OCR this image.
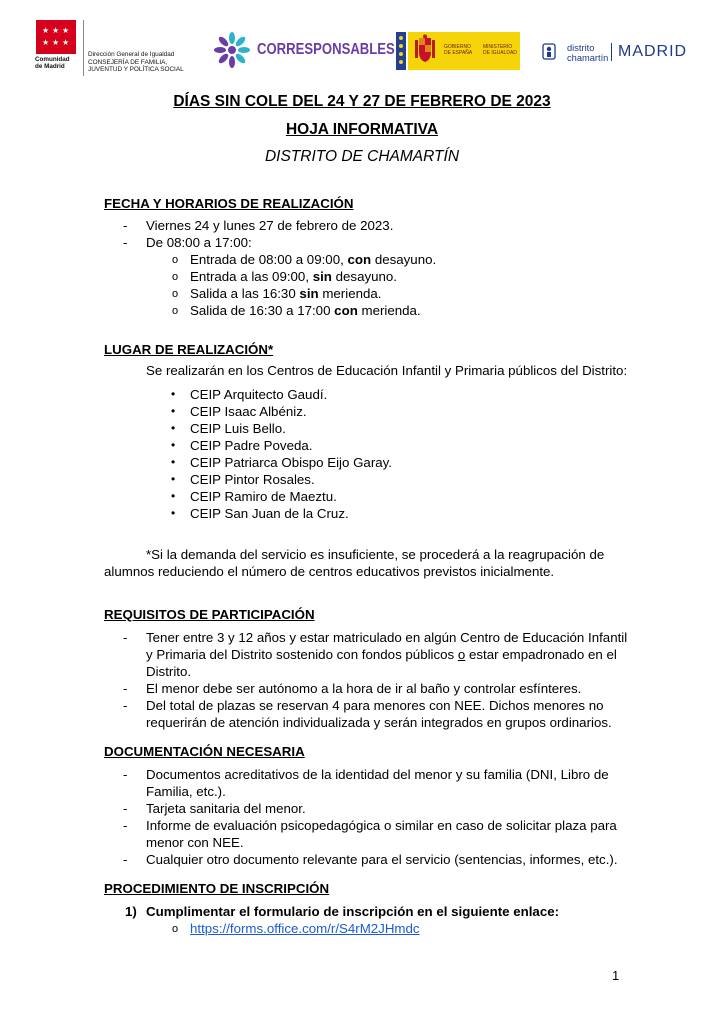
★ ★ ★
★ ★ ★
Comunidad
de Madrid
Dirección General de Igualdad
CONSEJERÍA DE FAMILIA,
JUVENTUD Y POLÍTICA SOCIAL
CORRESPONSABLES	GOBIERNO
DE ESPAÑA
MINISTERIO
DE IGUALDAD	distrito
chamartín MADRID
DÍAS SIN COLE DEL 24 Y 27 DE FEBRERO DE 2023
HOJA INFORMATIVA
DISTRITO DE CHAMARTÍN
FECHA Y HORARIOS DE REALIZACIÓN
- Viernes 24 y lunes 27 de febrero de 2023.
- De 08:00 a 17:00:
o Entrada de 08:00 a 09:00, con desayuno.
o Entrada a las 09:00, sin desayuno.
o Salida a las 16:30 sin merienda.
o Salida de 16:30 a 17:00 con merienda.
LUGAR DE REALIZACIÓN*
Se realizarán en los Centros de Educación Infantil y Primaria públicos del Distrito:
• CEIP Arquitecto Gaudí.
• CEIP Isaac Albéniz.
• CEIP Luis Bello.
• CEIP Padre Poveda.
• CEIP Patriarca Obispo Eijo Garay.
• CEIP Pintor Rosales.
• CEIP Ramiro de Maeztu.
• CEIP San Juan de la Cruz.
*Si la demanda del servicio es insuficiente, se procederá a la reagrupación de
alumnos reduciendo el número de centros educativos previstos inicialmente.
REQUISITOS DE PARTICIPACIÓN
- Tener entre 3 y 12 años y estar matriculado en algún Centro de Educación Infantil
y Primaria del Distrito sostenido con fondos públicos o estar empadronado en el
Distrito.
- El menor debe ser autónomo a la hora de ir al baño y controlar esfínteres.
- Del total de plazas se reservan 4 para menores con NEE. Dichos menores no
requerirán de atención individualizada y serán integrados en grupos ordinarios.
DOCUMENTACIÓN NECESARIA
- Documentos acreditativos de la identidad del menor y su familia (DNI, Libro de
Familia, etc.).
- Tarjeta sanitaria del menor.
- Informe de evaluación psicopedagógica o similar en caso de solicitar plaza para
menor con NEE.
- Cualquier otro documento relevante para el servicio (sentencias, informes, etc.).
PROCEDIMIENTO DE INSCRIPCIÓN
1) Cumplimentar el formulario de inscripción en el siguiente enlace:
o https://forms.office.com/r/S4rM2JHmdc
1
